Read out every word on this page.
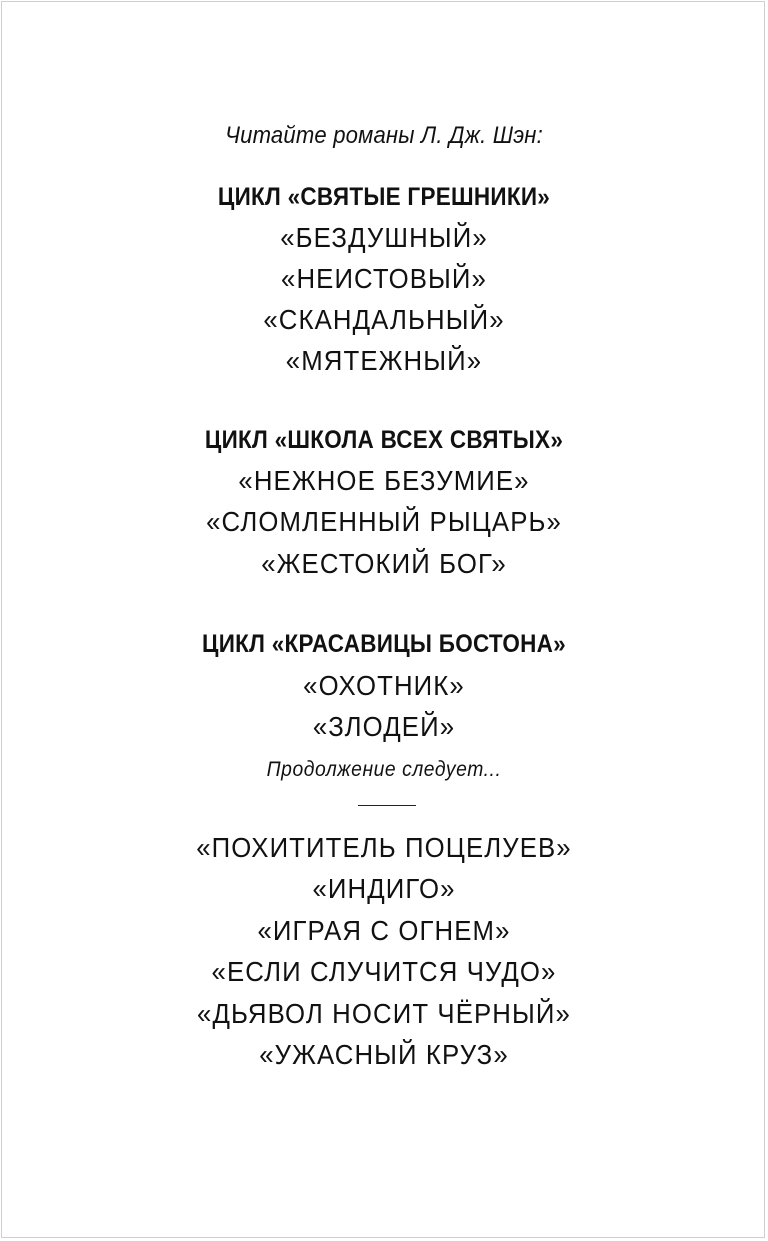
Читайте романы Л. Дж. Шэн:
ЦИКЛ «СВЯТЫЕ ГРЕШНИКИ»
«БЕЗДУШНЫЙ»
«НЕИСТОВЫЙ»
«СКАНДАЛЬНЫЙ»
«МЯТЕЖНЫЙ»
ЦИКЛ «ШКОЛА ВСЕХ СВЯТЫХ»
«НЕЖНОЕ БЕЗУМИЕ»
«СЛОМЛЕННЫЙ РЫЦАРЬ»
«ЖЕСТОКИЙ БОГ»
ЦИКЛ «КРАСАВИЦЫ БОСТОНА»
«ОХОТНИК»
«ЗЛОДЕЙ»
Продолжение следует...
«ПОХИТИТЕЛЬ ПОЦЕЛУЕВ»
«ИНДИГО»
«ИГРАЯ С ОГНЕМ»
«ЕСЛИ СЛУЧИТСЯ ЧУДО»
«ДЬЯВОЛ НОСИТ ЧЁРНЫЙ»
«УЖАСНЫЙ КРУЗ»
